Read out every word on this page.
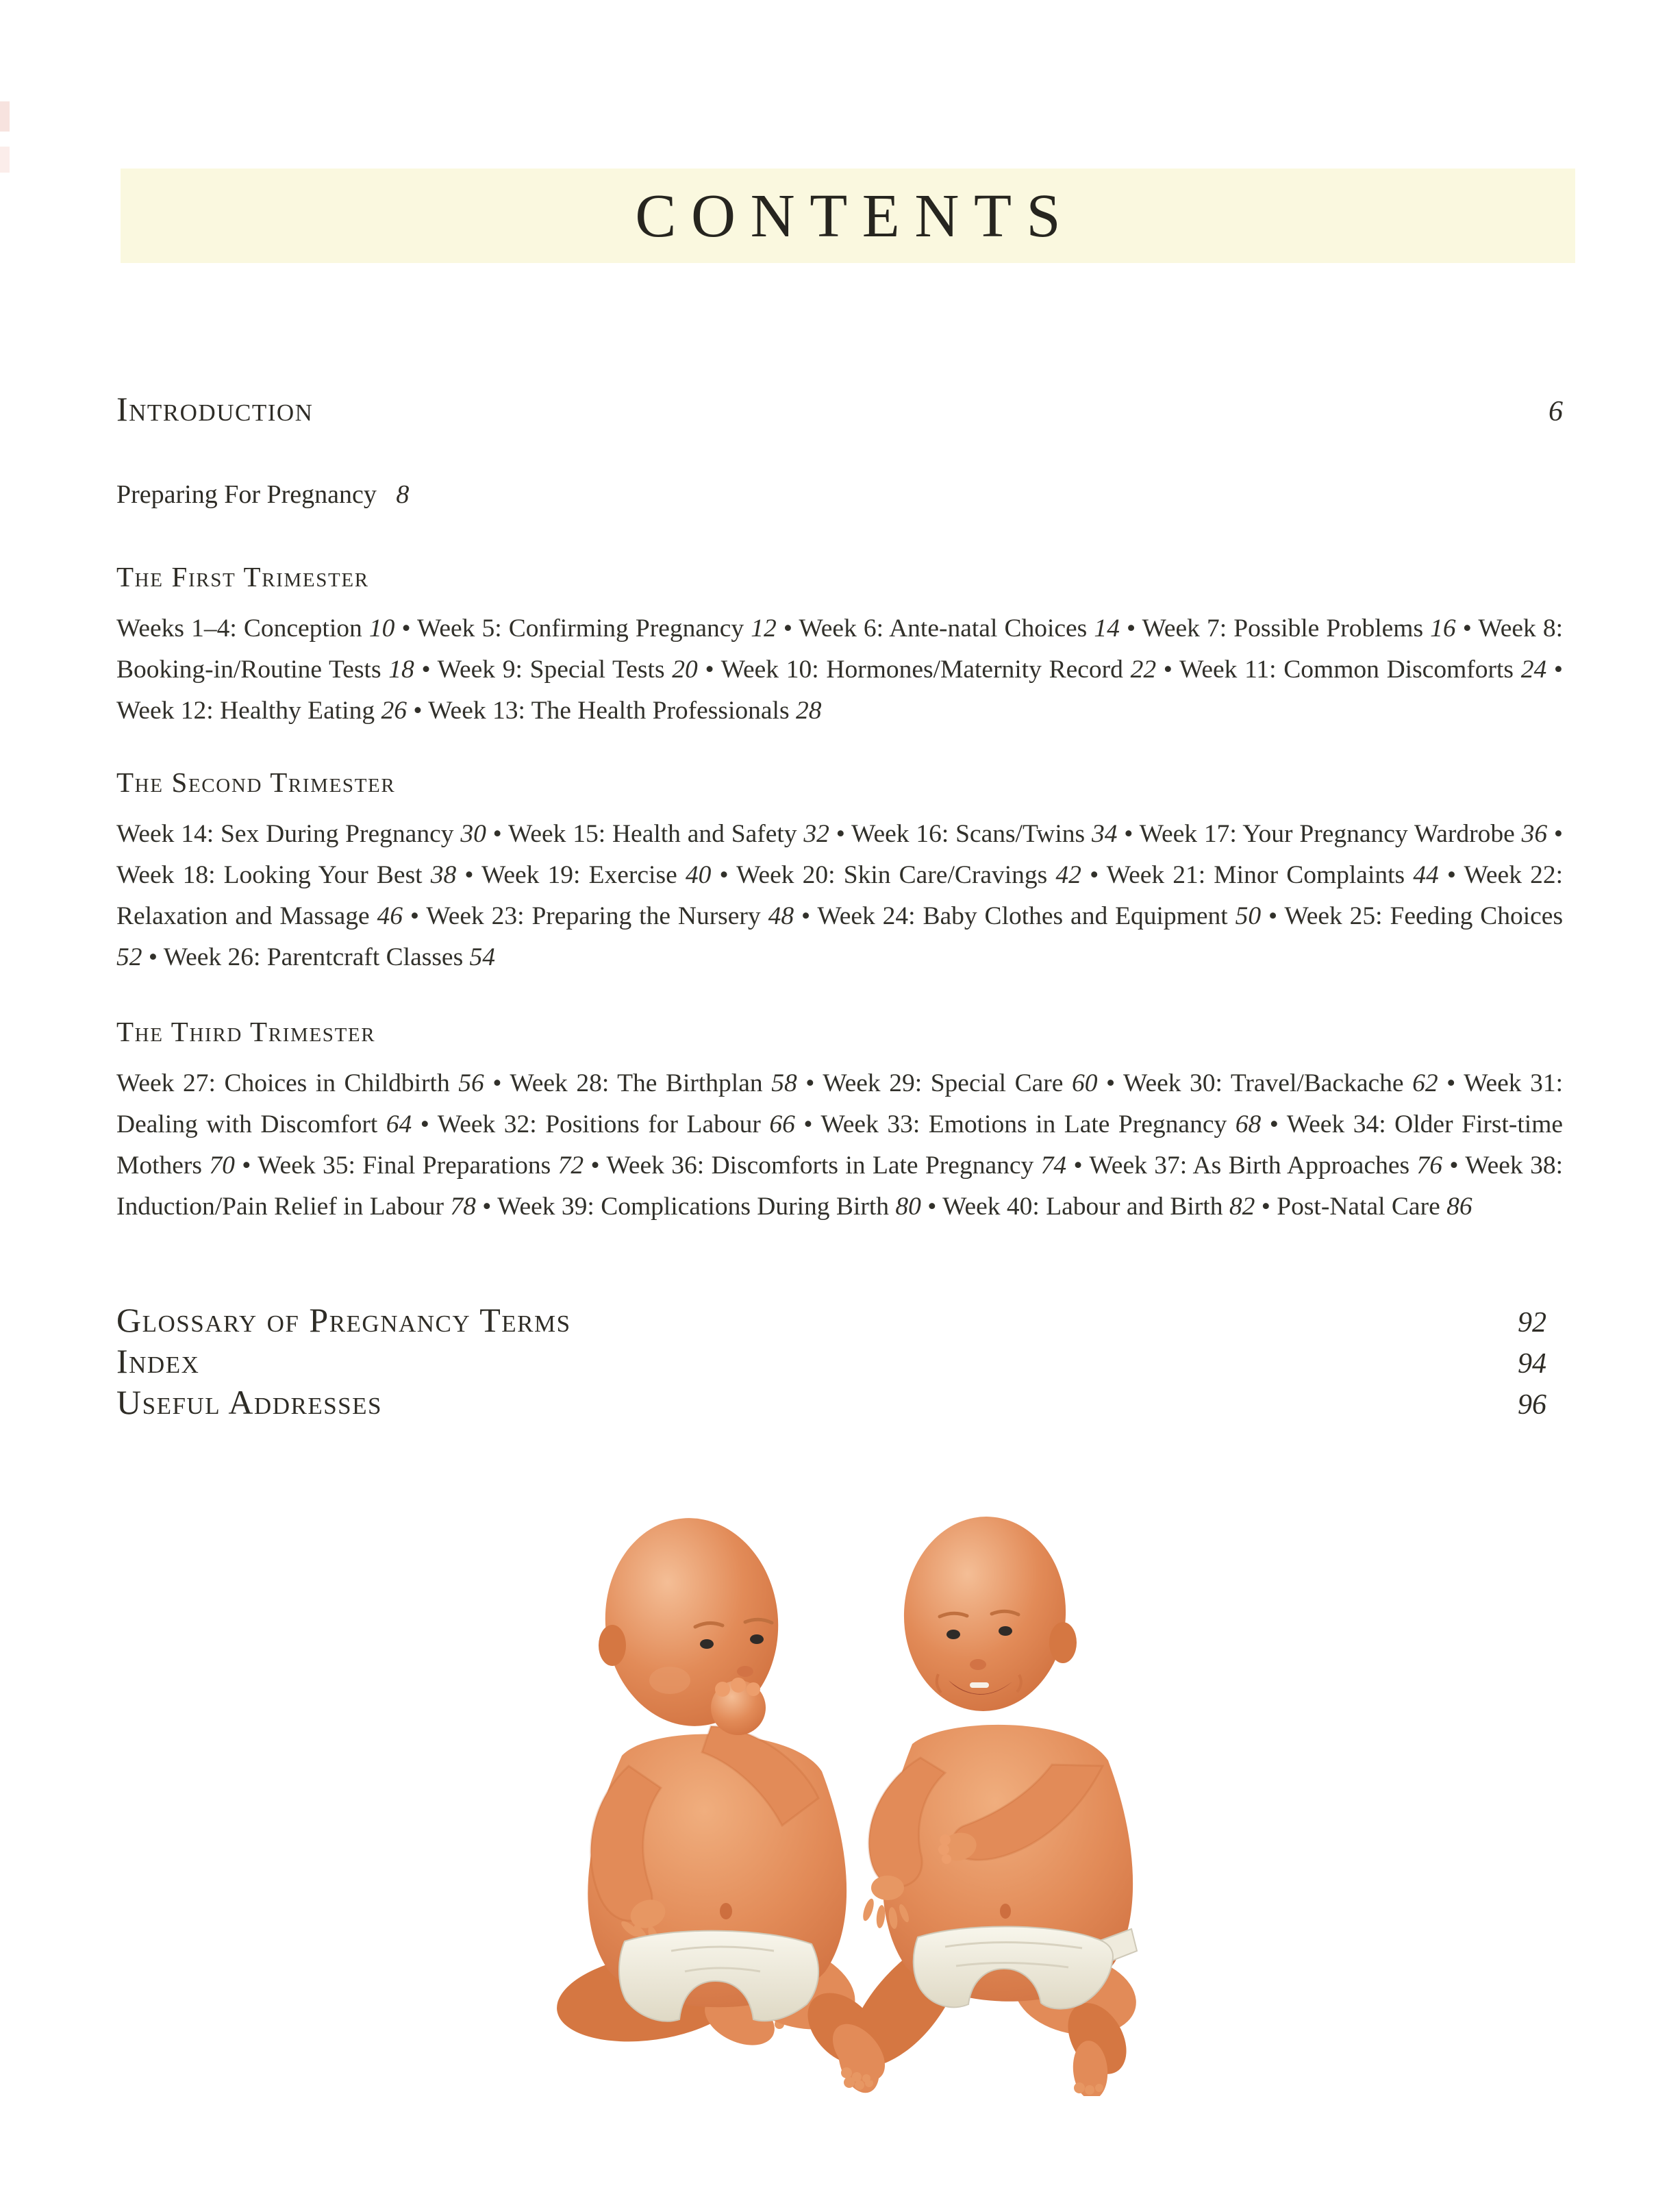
CONTENTS
Introduction	6
Preparing For Pregnancy 8
The First Trimester

Weeks 1–4: Conception 10 • Week 5: Confirming Pregnancy 12 • Week 6: Ante-natal Choices 14 • Week 7: Possible Problems 16 • Week 8: Booking-in/Routine Tests 18 • Week 9: Special Tests 20 • Week 10: Hormones/Maternity Record 22 • Week 11: Common Discomforts 24 • Week 12: Healthy Eating 26 • Week 13: The Health Professionals 28

The Second Trimester

Week 14: Sex During Pregnancy 30 • Week 15: Health and Safety 32 • Week 16: Scans/Twins 34 • Week 17: Your Pregnancy Wardrobe 36 • Week 18: Looking Your Best 38 • Week 19: Exercise 40 • Week 20: Skin Care/Cravings 42 • Week 21: Minor Complaints 44 • Week 22: Relaxation and Massage 46 • Week 23: Preparing the Nursery 48 • Week 24: Baby Clothes and Equipment 50 • Week 25: Feeding Choices 52 • Week 26: Parentcraft Classes 54

The Third Trimester

Week 27: Choices in Childbirth 56 • Week 28: The Birthplan 58 • Week 29: Special Care 60 • Week 30: Travel/Backache 62 • Week 31: Dealing with Discomfort 64 • Week 32: Positions for Labour 66 • Week 33: Emotions in Late Pregnancy 68 • Week 34: Older First-time Mothers 70 • Week 35: Final Preparations 72 • Week 36: Discomforts in Late Pregnancy 74 • Week 37: As Birth Approaches 76 • Week 38: Induction/Pain Relief in Labour 78 • Week 39: Complications During Birth 80 • Week 40: Labour and Birth 82 • Post-Natal Care 86

Glossary of Pregnancy Terms	92
Index	94
Useful Addresses	96
